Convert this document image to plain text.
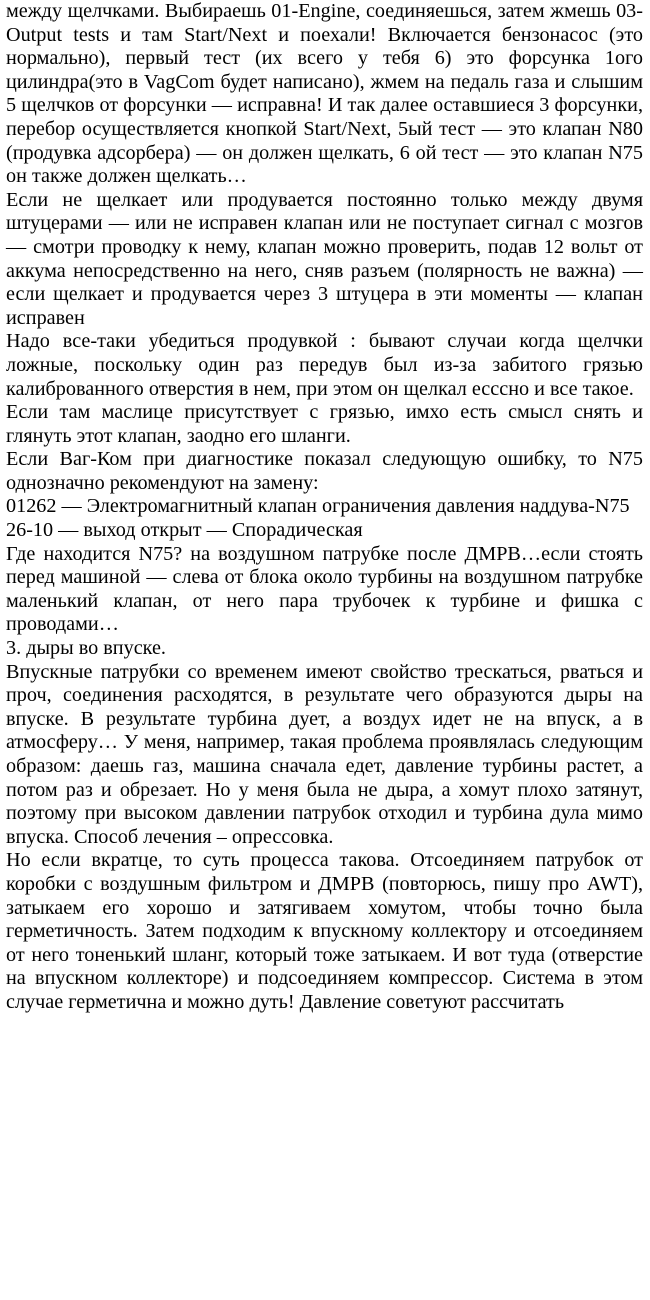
между щелчками. Выбираешь 01-Engine, соединяешься, затем жмешь 03-Output tests и там Start/Next и поехали! Включается бензонасос (это нормально), первый тест (их всего у тебя 6) это форсунка 1ого цилиндра(это в VagCom будет написано), жмем на педаль газа и слышим 5 щелчков от форсунки — исправна! И так далее оставшиеся 3 форсунки, перебор осуществляется кнопкой Start/Next, 5ый тест — это клапан N80 (продувка адсорбера) — он должен щелкать, 6 ой тест — это клапан N75 он также должен щелкать…

Если не щелкает или продувается постоянно только между двумя штуцерами — или не исправен клапан или не поступает сигнал с мозгов — смотри проводку к нему, клапан можно проверить, подав 12 вольт от аккума непосредственно на него, сняв разъем (полярность не важна) — если щелкает и продувается через 3 штуцера в эти моменты — клапан исправен

Надо все-таки убедиться продувкой : бывают случаи когда щелчки ложные, поскольку один раз передув был из-за забитого грязью калиброванного отверстия в нем, при этом он щелкал есссно и все такое.

Если там маслице присутствует с грязью, имхо есть смысл снять и глянуть этот клапан, заодно его шланги.

Если Ваг-Ком при диагностике показал следующую ошибку, то N75 однозначно рекомендуют на замену:

01262 — Электромагнитный клапан ограничения давления наддува-N75

26-10 — выход открыт — Спорадическая

Где находится N75? на воздушном патрубке после ДМРВ…если стоять перед машиной — слева от блока около турбины на воздушном патрубке маленький клапан, от него пара трубочек к турбине и фишка с проводами…

3. дыры во впуске.

Впускные патрубки со временем имеют свойство трескаться, рваться и проч, соединения расходятся, в результате чего образуются дыры на впуске. В результате турбина дует, а воздух идет не на впуск, а в атмосферу… У меня, например, такая проблема проявлялась следующим образом: даешь газ, машина сначала едет, давление турбины растет, а потом раз и обрезает. Но у меня была не дыра, а хомут плохо затянут, поэтому при высоком давлении патрубок отходил и турбина дула мимо впуска. Способ лечения – опрессовка.

Но если вкратце, то суть процесса такова. Отсоединяем патрубок от коробки с воздушным фильтром и ДМРВ (повторюсь, пишу про AWT), затыкаем его хорошо и затягиваем хомутом, чтобы точно была герметичность. Затем подходим к впускному коллектору и отсоединяем от него тоненький шланг, который тоже затыкаем. И вот туда (отверстие на впускном коллекторе) и подсоединяем компрессор. Система в этом случае герметична и можно дуть! Давление советуют рассчитать
